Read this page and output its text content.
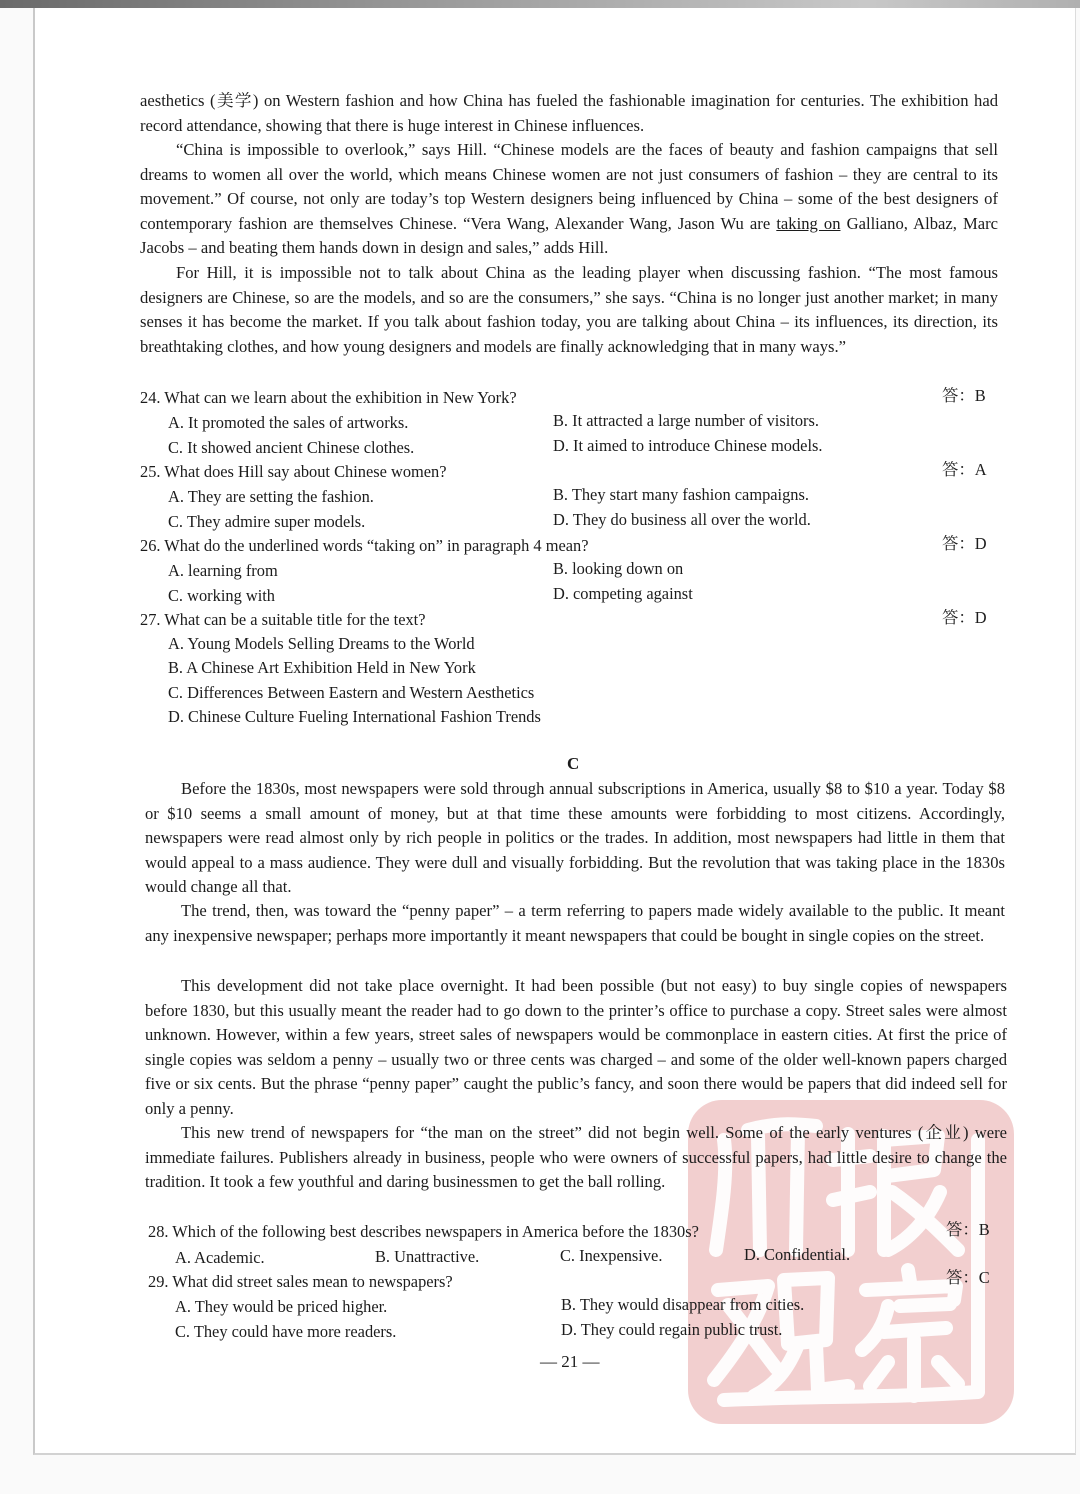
aesthetics (美学) on Western fashion and how China has fueled the fashionable imagination for centuries. The exhibition had record attendance, showing that there is huge interest in Chinese influences.

“China is impossible to overlook,” says Hill. “Chinese models are the faces of beauty and fashion campaigns that sell dreams to women all over the world, which means Chinese women are not just consumers of fashion – they are central to its movement.” Of course, not only are today’s top Western designers being influenced by China – some of the best designers of contemporary fashion are themselves Chinese. “Vera Wang, Alexander Wang, Jason Wu are taking on Galliano, Albaz, Marc Jacobs – and beating them hands down in design and sales,” adds Hill.

For Hill, it is impossible not to talk about China as the leading player when discussing fashion. “The most famous designers are Chinese, so are the models, and so are the consumers,” she says. “China is no longer just another market; in many senses it has become the market. If you talk about fashion today, you are talking about China – its influences, its direction, its breathtaking clothes, and how young designers and models are finally acknowledging that in many ways.”

24. What can we learn about the exhibition in New York?	答：B
A. It promoted the sales of artworks.	B. It attracted a large number of visitors.
C. It showed ancient Chinese clothes.	D. It aimed to introduce Chinese models.
25. What does Hill say about Chinese women?	答：A
A. They are setting the fashion.	B. They start many fashion campaigns.
C. They admire super models.	D. They do business all over the world.
26. What do the underlined words “taking on” in paragraph 4 mean?	答：D
A. learning from	B. looking down on
C. working with	D. competing against
27. What can be a suitable title for the text?	答：D
A. Young Models Selling Dreams to the World
B. A Chinese Art Exhibition Held in New York
C. Differences Between Eastern and Western Aesthetics
D. Chinese Culture Fueling International Fashion Trends
C

Before the 1830s, most newspapers were sold through annual subscriptions in America, usually $8 to $10 a year. Today $8 or $10 seems a small amount of money, but at that time these amounts were forbidding to most citizens. Accordingly, newspapers were read almost only by rich people in politics or the trades. In addition, most newspapers had little in them that would appeal to a mass audience. They were dull and visually forbidding. But the revolution that was taking place in the 1830s would change all that.

The trend, then, was toward the “penny paper” – a term referring to papers made widely available to the public. It meant any inexpensive newspaper; perhaps more importantly it meant newspapers that could be bought in single copies on the street.

This development did not take place overnight. It had been possible (but not easy) to buy single copies of newspapers before 1830, but this usually meant the reader had to go down to the printer’s office to purchase a copy. Street sales were almost unknown. However, within a few years, street sales of newspapers would be commonplace in eastern cities. At first the price of single copies was seldom a penny – usually two or three cents was charged – and some of the older well-known papers charged five or six cents. But the phrase “penny paper” caught the public’s fancy, and soon there would be papers that did indeed sell for only a penny.

This new trend of newspapers for “the man on the street” did not begin well. Some of the early ventures (企业) were immediate failures. Publishers already in business, people who were owners of successful papers, had little desire to change the tradition. It took a few youthful and daring businessmen to get the ball rolling.

28. Which of the following best describes newspapers in America before the 1830s?	答：B
A. Academic.	B. Unattractive.	C. Inexpensive.	D. Confidential.
29. What did street sales mean to newspapers?	答：C
A. They would be priced higher.	B. They would disappear from cities.
C. They could have more readers.	D. They could regain public trust.
— 21 —
